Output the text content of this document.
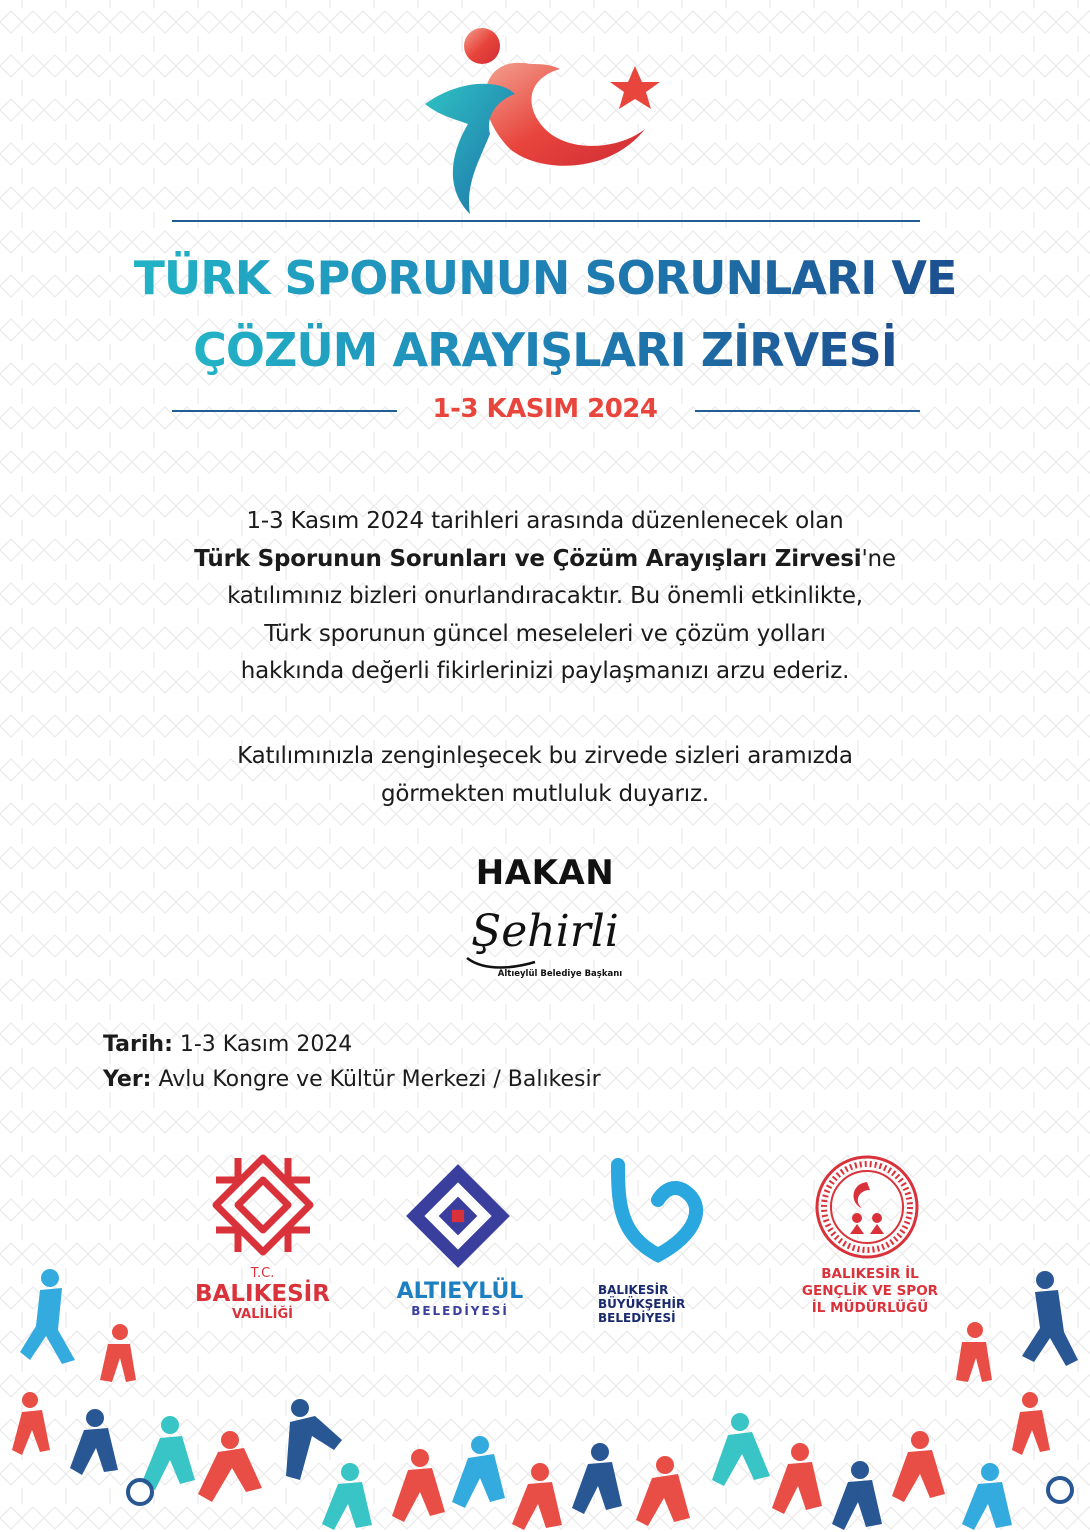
TÜRK SPORUNUN SORUNLARI VE
ÇÖZÜM ARAYIŞLARI ZİRVESİ
1-3 KASIM 2024
1-3 Kasım 2024 tarihleri arasında düzenlenecek olan
Türk Sporunun Sorunları ve Çözüm Arayışları Zirvesi'ne
katılımınız bizleri onurlandıracaktır. Bu önemli etkinlikte,
Türk sporunun güncel meseleleri ve çözüm yolları
hakkında değerli fikirlerinizi paylaşmanızı arzu ederiz.
Katılımınızla zenginleşecek bu zirvede sizleri aramızda
görmekten mutluluk duyarız.
HAKAN
Şehirli
Altıeylül Belediye Başkanı
Tarih: 1-3 Kasım 2024
Yer: Avlu Kongre ve Kültür Merkezi / Balıkesir
T.C.
BALIKESİR
VALİLİĞİ
ALTIEYLÜL
BELEDİYESİ
BALIKESİR
BÜYÜKŞEHİR
BELEDİYESİ
BALIKESİR İL
GENÇLİK VE SPOR
İL MÜDÜRLÜĞÜ
